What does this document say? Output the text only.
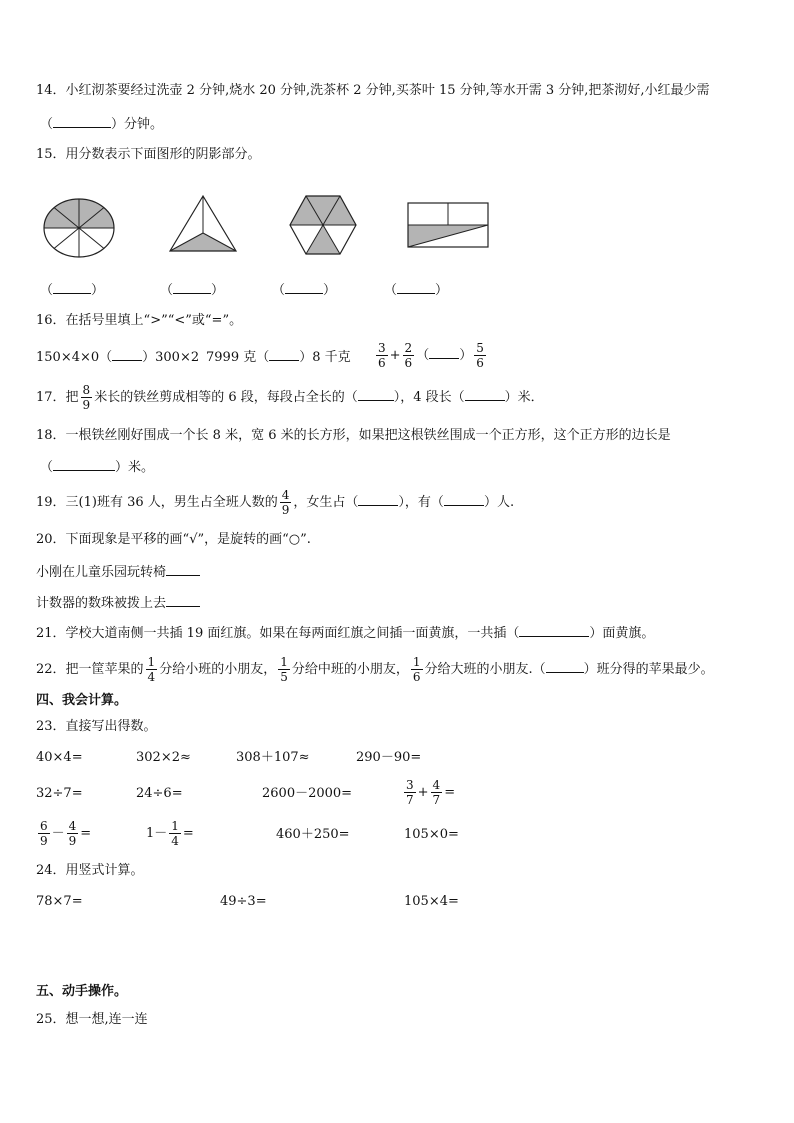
14．小红沏茶要经过洗壶 2 分钟,烧水 20 分钟,洗茶杯 2 分钟,买茶叶 15 分钟,等水开需 3 分钟,把茶沏好,小红最少需
（	）分钟。
15．用分数表示下面图形的阴影部分。
（	）	（	）	（	）	（	）
16．在括号里填上“>”“<”或“=”。
150×4×0（ ）300×2 7999 克（ ）8 千克 $\frac{3}{6} + \frac{2}{6}$ （ ） $\frac{5}{6}$
17．把 $\frac{8}{9}$ 米长的铁丝剪成相等的 6 段，每段占全长的（	），4 段长（	）米．
18．一根铁丝刚好围成一个长 8 米，宽 6 米的长方形，如果把这根铁丝围成一个正方形，这个正方形的边长是
（	）米。
19．三(1)班有 36 人，男生占全班人数的 $\frac{4}{9}$ ，女生占（	），有（	）人.
20．下面现象是平移的画“√”，是旋转的画“○”.
小刚在儿童乐园玩转椅
计数器的数珠被拨上去
21．学校大道南侧一共插 19 面红旗。如果在每两面红旗之间插一面黄旗，一共插（	）面黄旗。
22．把一筐苹果的 $\frac{1}{4}$ 分给小班的小朋友， $\frac{1}{5}$ 分给中班的小朋友， $\frac{1}{6}$ 分给大班的小朋友.（	）班分得的苹果最少。
四、我会计算。
23．直接写出得数。
40×4=	302×2≈	308＋107≈	290－90=
32÷7=	24÷6=	2600－2000=	$\frac{3}{7} + \frac{4}{7}$ =
$\frac{6}{9} - \frac{4}{9}$ =	$1- \frac{1}{4}$ =	460＋250=	105×0=
24．用竖式计算。
78×7=	49÷3=	105×4=
五、动手操作。
25．想一想,连一连
